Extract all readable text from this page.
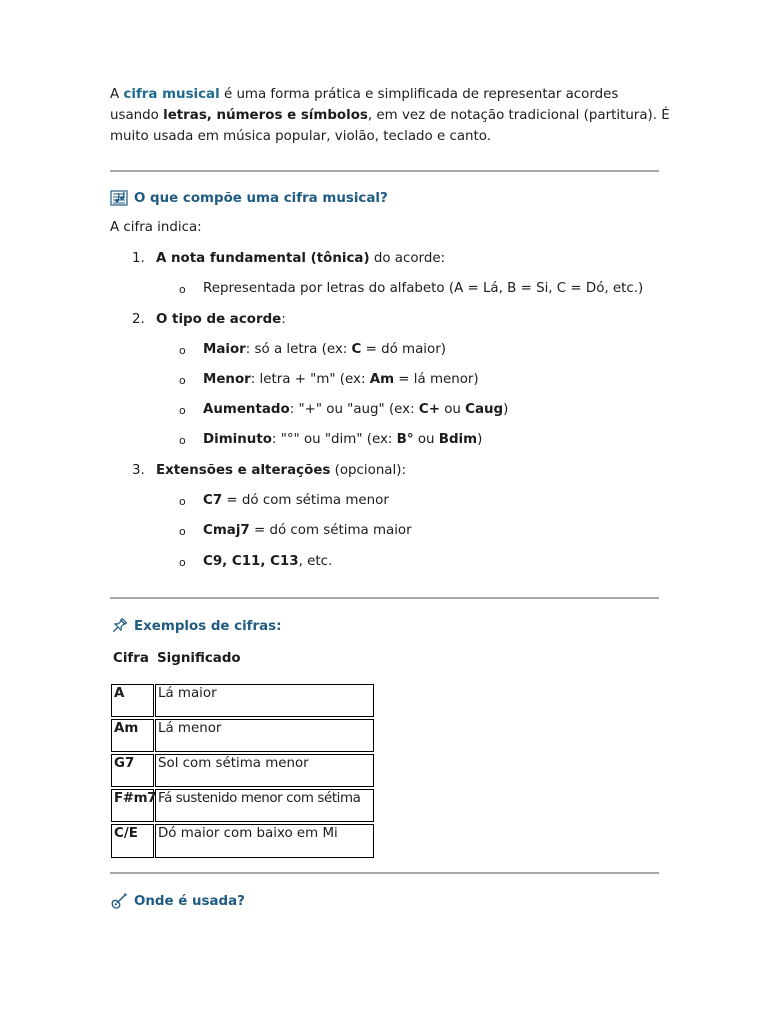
A cifra musical é uma forma prática e simplificada de representar acordes usando letras, números e símbolos, em vez de notação tradicional (partitura). É muito usada em música popular, violão, teclado e canto.
O que compõe uma cifra musical?
A cifra indica:
1. A nota fundamental (tônica) do acorde:
o Representada por letras do alfabeto (A = Lá, B = Si, C = Dó, etc.)
2. O tipo de acorde:
o Maior: só a letra (ex: C = dó maior)
o Menor: letra + "m" (ex: Am = lá menor)
o Aumentado: "+" ou "aug" (ex: C+ ou Caug)
o Diminuto: "°" ou "dim" (ex: B° ou Bdim)
3. Extensões e alterações (opcional):
o C7 = dó com sétima menor
o Cmaj7 = dó com sétima maior
o C9, C11, C13, etc.
Exemplos de cifras:
Cifra Significado
A	Lá maior
Am	Lá menor
G7	Sol com sétima menor
F#m7 Fá sustenido menor com sétima
C/E	Dó maior com baixo em Mi
Onde é usada?
